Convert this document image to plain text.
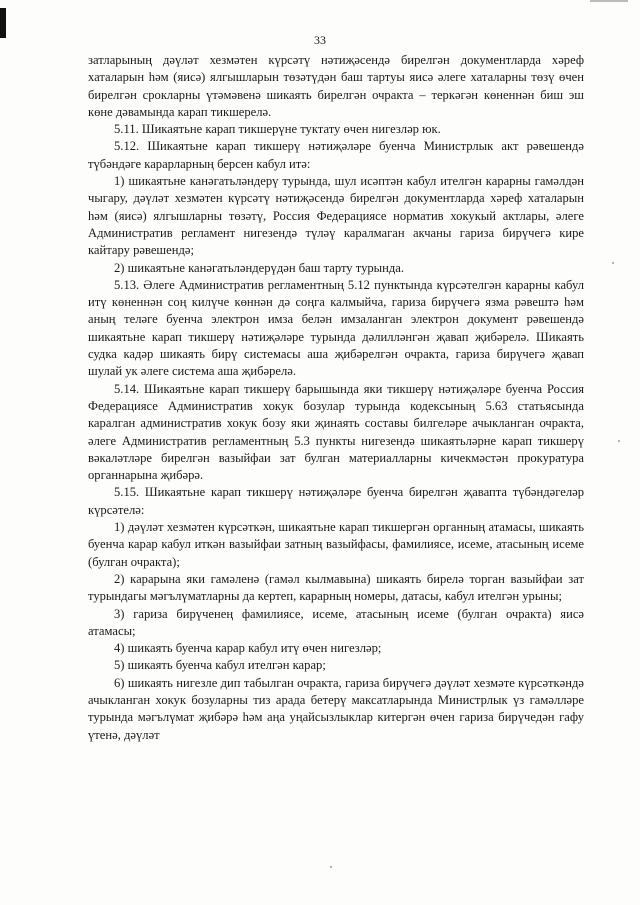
33

затларының дәүләт хезмәтен күрсәтү нәтиҗәсендә бирелгән документларда хәреф хаталарын һәм (яисә) ялгышларын төзәтүдән баш тартуы яисә әлеге хаталарны төзү өчен бирелгән срокларны үтәмәвенә шикаять бирелгән очракта – теркәгән көненнән биш эш көне дәвамында карап тикшерелә.

5.11. Шикаятьне карап тикшерүне туктату өчен нигезләр юк.

5.12. Шикаятьне карап тикшерү нәтиҗәләре буенча Министрлык акт рәвешендә түбәндәге карарларның берсен кабул итә:

1) шикаятьне канәгатьләндерү турында, шул исәптән кабул ителгән карарны гамәлдән чыгару, дәүләт хезмәтен күрсәтү нәтиҗәсендә бирелгән документларда хәреф хаталарын һәм (яисә) ялгышларны төзәтү, Россия Федерациясе норматив хокукый актлары, әлеге Административ регламент нигезендә түләү каралмаган акчаны гариза бирүчегә кире кайтару рәвешендә;

2) шикаятьне канәгатьләндерүдән баш тарту турында.

5.13. Әлеге Административ регламентның 5.12 пунктында күрсәтелгән карарны кабул итү көненнән соң килүче көннән дә соңга калмыйча, гариза бирүчегә язма рәвештә һәм аның теләге буенча электрон имза белән имзаланган электрон документ рәвешендә шикаятьне карап тикшерү нәтиҗәләре турында дәлилләнгән җавап җибәрелә. Шикаять судка кадәр шикаять бирү системасы аша җибәрелгән очракта, гариза бирүчегә җавап шулай ук әлеге система аша җибәрелә.

5.14. Шикаятьне карап тикшерү барышында яки тикшерү нәтиҗәләре буенча Россия Федерациясе Административ хокук бозулар турында кодексының 5.63 статьясында каралган административ хокук бозу яки җинаять составы билгеләре ачыкланган очракта, әлеге Административ регламентның 5.3 пункты нигезендә шикаятьләрне карап тикшерү вәкаләтләре бирелгән вазыйфаи зат булган материалларны кичекмәстән прокуратура органнарына җибәрә.

5.15. Шикаятьне карап тикшерү нәтиҗәләре буенча бирелгән җавапта түбәндәгеләр күрсәтелә:

1) дәүләт хезмәтен күрсәткән, шикаятьне карап тикшергән органның атамасы, шикаять буенча карар кабул иткән вазыйфаи затның вазыйфасы, фамилиясе, исеме, атасының исеме (булган очракта);

2) карарына яки гамәленә (гамәл кылмавына) шикаять бирелә торган вазыйфаи зат турындагы мәгълүматларны да кертеп, карарның номеры, датасы, кабул ителгән урыны;

3) гариза бирүченең фамилиясе, исеме, атасының исеме (булган очракта) яисә атамасы;

4) шикаять буенча карар кабул итү өчен нигезләр;

5) шикаять буенча кабул ителгән карар;

6) шикаять нигезле дип табылган очракта, гариза бирүчегә дәүләт хезмәте күрсәткәндә ачыкланган хокук бозуларны тиз арада бетерү максатларында Министрлык үз гамәлләре турында мәгълүмат җибәрә һәм аңа уңайсызлыклар китергән өчен гариза бирүчедән гафу үтенә, дәүләт
